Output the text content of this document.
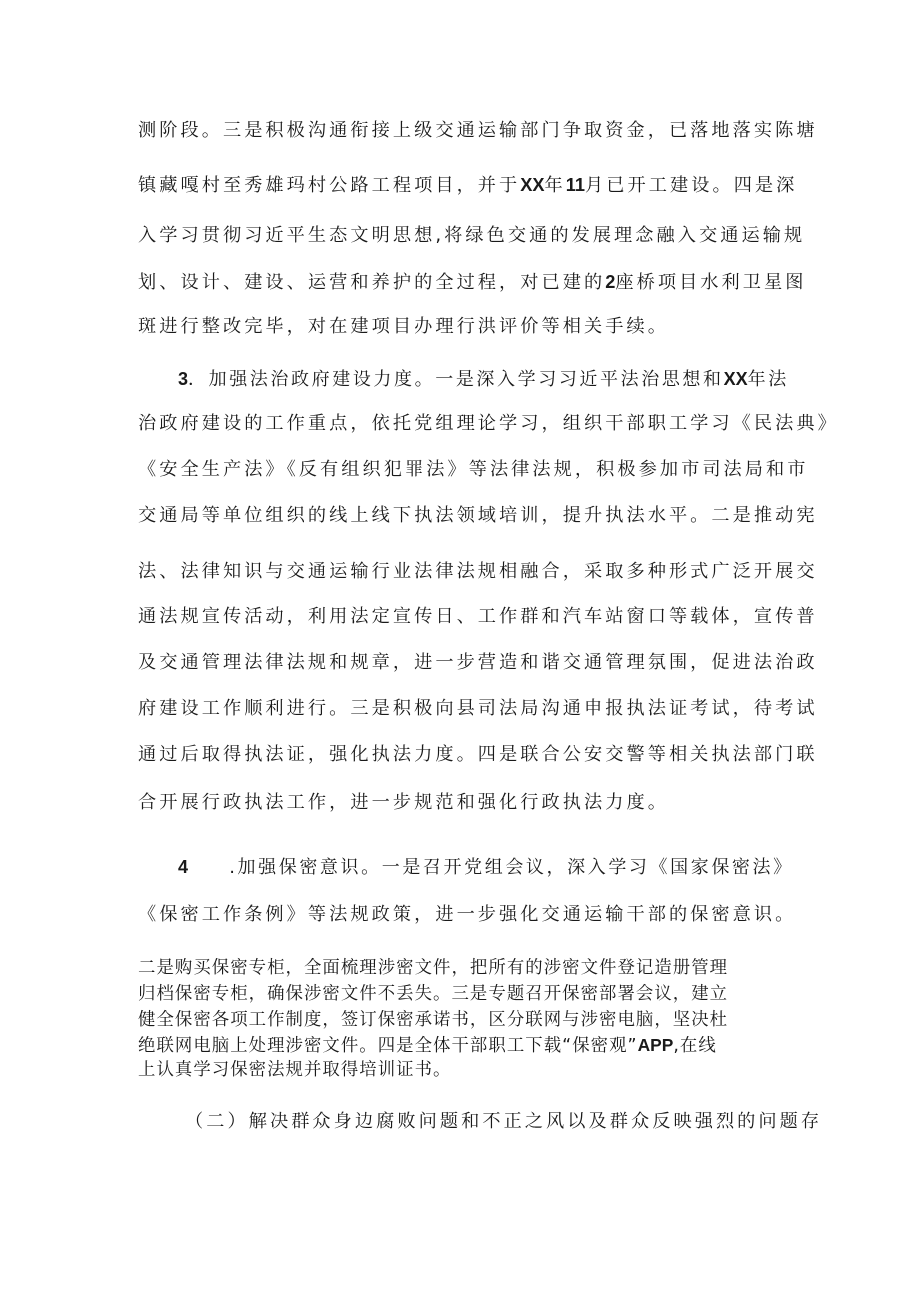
测阶段。三是积极沟通衔接上级交通运输部门争取资金，已落地落实陈塘
镇藏嘎村至秀雄玛村公路工程项目，并于XX年11月已开工建设。四是深
入学习贯彻习近平生态文明思想,将绿色交通的发展理念融入交通运输规
划、设计、建设、运营和养护的全过程，对已建的2座桥项目水利卫星图
斑进行整改完毕，对在建项目办理行洪评价等相关手续。
3．加强法治政府建设力度。一是深入学习习近平法治思想和XX年法
治政府建设的工作重点，依托党组理论学习，组织干部职工学习《民法典》
《安全生产法》《反有组织犯罪法》等法律法规，积极参加市司法局和市
交通局等单位组织的线上线下执法领域培训，提升执法水平。二是推动宪
法、法律知识与交通运输行业法律法规相融合，采取多种形式广泛开展交
通法规宣传活动，利用法定宣传日、工作群和汽车站窗口等载体，宣传普
及交通管理法律法规和规章，进一步营造和谐交通管理氛围，促进法治政
府建设工作顺利进行。三是积极向县司法局沟通申报执法证考试，待考试
通过后取得执法证，强化执法力度。四是联合公安交警等相关执法部门联
合开展行政执法工作，进一步规范和强化行政执法力度。
4　　.加强保密意识。一是召开党组会议，深入学习《国家保密法》
《保密工作条例》等法规政策，进一步强化交通运输干部的保密意识。
二是购买保密专柜，全面梳理涉密文件，把所有的涉密文件登记造册管理
归档保密专柜，确保涉密文件不丢失。三是专题召开保密部署会议，建立
健全保密各项工作制度，签订保密承诺书，区分联网与涉密电脑，坚决杜
绝联网电脑上处理涉密文件。四是全体干部职工下载“保密观”APP,在线
上认真学习保密法规并取得培训证书。
（二）解决群众身边腐败问题和不正之风以及群众反映强烈的问题存
